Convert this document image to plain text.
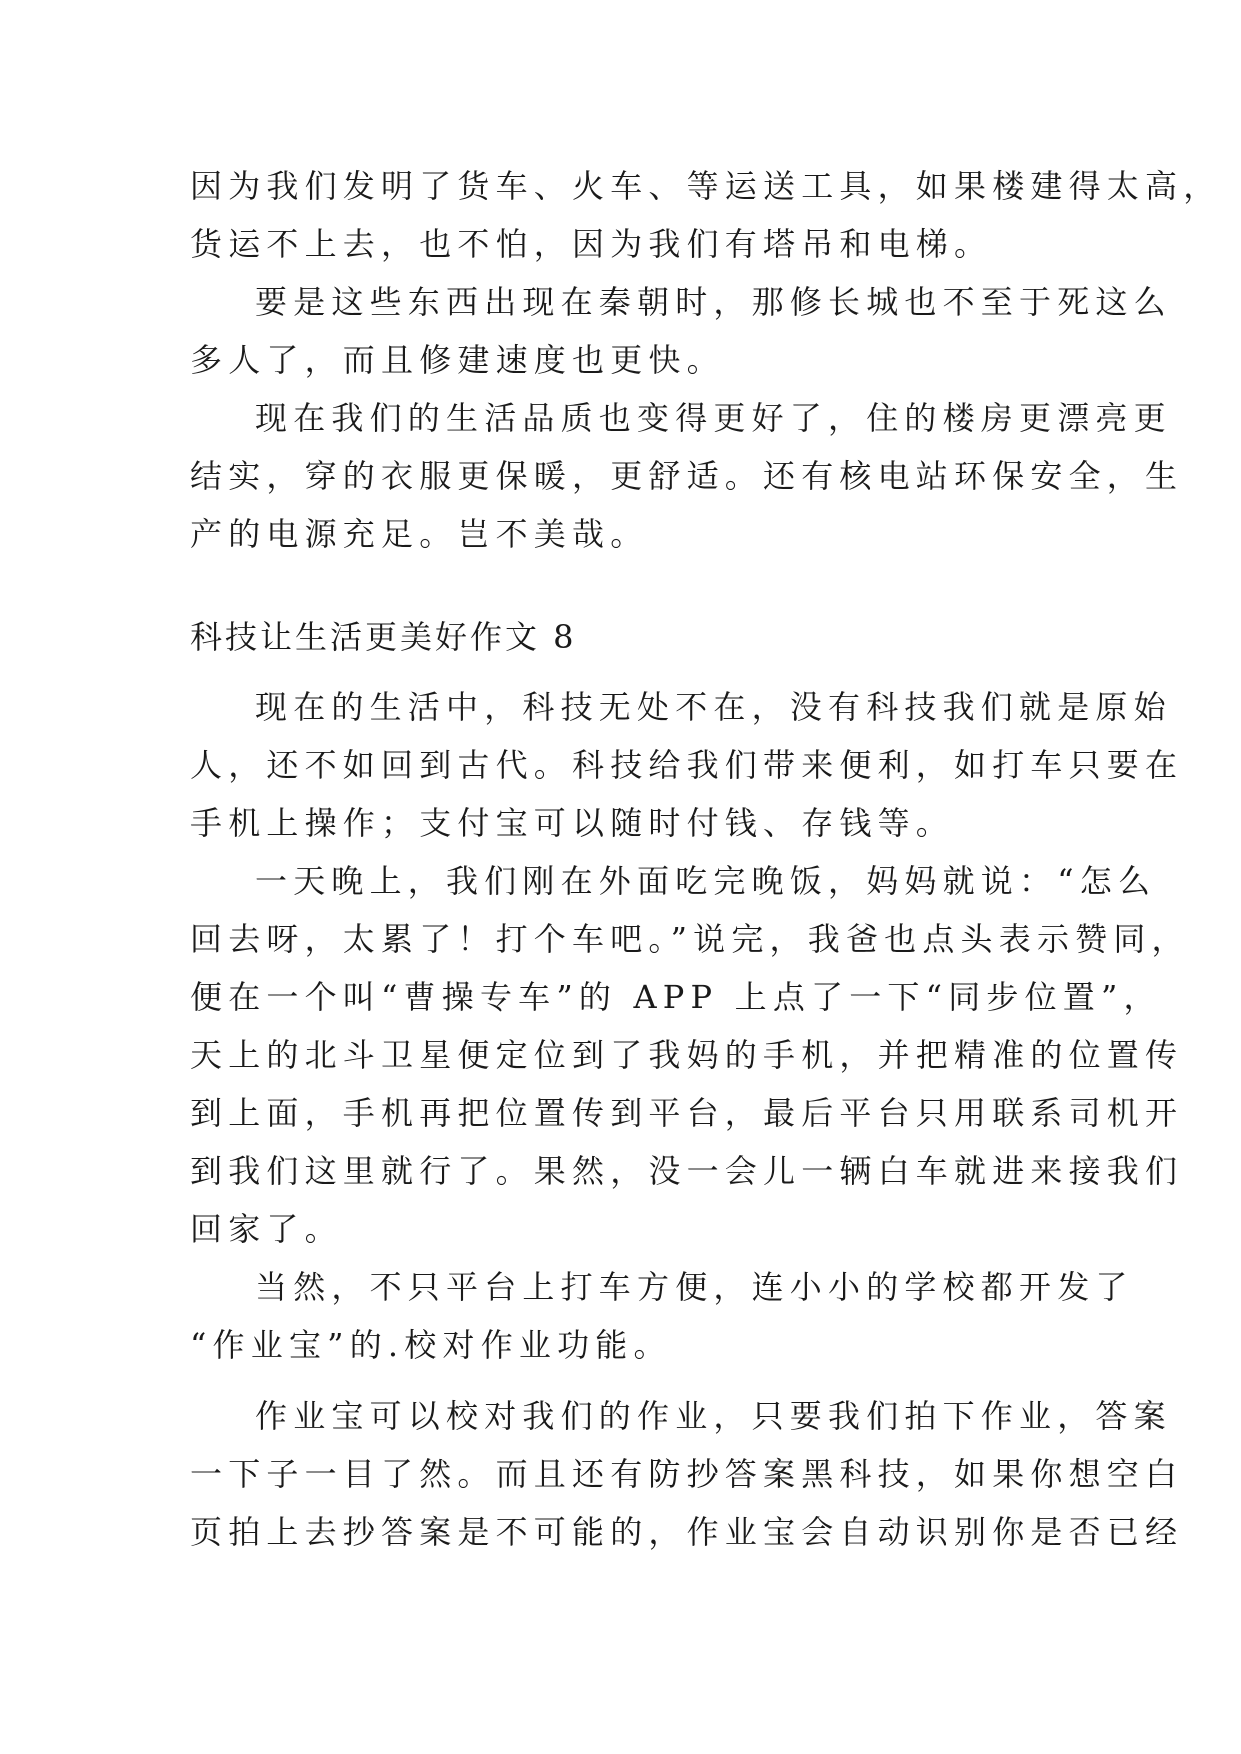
因为我们发明了货车、火车、等运送工具，如果楼建得太高，
货运不上去，也不怕，因为我们有塔吊和电梯。
要是这些东西出现在秦朝时，那修长城也不至于死这么
多人了，而且修建速度也更快。
现在我们的生活品质也变得更好了，住的楼房更漂亮更
结实，穿的衣服更保暖，更舒适。还有核电站环保安全，生
产的电源充足。岂不美哉。
科技让生活更美好作文 8
现在的生活中，科技无处不在，没有科技我们就是原始
人，还不如回到古代。科技给我们带来便利，如打车只要在
手机上操作；支付宝可以随时付钱、存钱等。
一天晚上，我们刚在外面吃完晚饭，妈妈就说：“怎么
回去呀，太累了！打个车吧。”说完，我爸也点头表示赞同，
便在一个叫“曹操专车”的 APP 上点了一下“同步位置”，
天上的北斗卫星便定位到了我妈的手机，并把精准的位置传
到上面，手机再把位置传到平台，最后平台只用联系司机开
到我们这里就行了。果然，没一会儿一辆白车就进来接我们
回家了。
当然，不只平台上打车方便，连小小的学校都开发了
“作业宝”的.校对作业功能。
作业宝可以校对我们的作业，只要我们拍下作业，答案
一下子一目了然。而且还有防抄答案黑科技，如果你想空白
页拍上去抄答案是不可能的，作业宝会自动识别你是否已经
